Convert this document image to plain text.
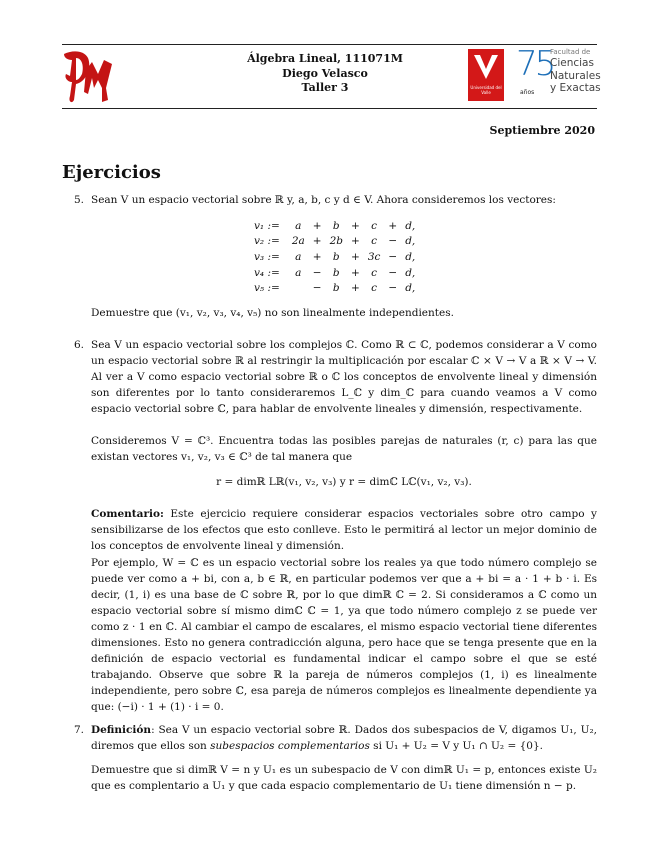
Álgebra Lineal, 111071M
Diego Velasco
Taller 3	Universidad del Valle
75
años
Facultad de
Ciencias
Naturales
y Exactas
Septiembre 2020
Ejercicios
5. Sean V un espacio vectorial sobre ℝ y, a, b, c y d ∈ V. Ahora consideremos los vectores:
v₁ :=	a	+	b	+	c	+	d,
v₂ :=	2a	+	2b	+	c	−	d,
v₃ :=	a	+	b	+	3c	−	d,
v₄ :=	a	−	b	+	c	−	d,
v₅ :=		−	b	+	c	−	d,
Demuestre que (v₁, v₂, v₃, v₄, v₅) no son linealmente independientes.
6. Sea V un espacio vectorial sobre los complejos ℂ. Como ℝ ⊂ ℂ, podemos considerar a V como un espacio vectorial sobre ℝ al restringir la multiplicación por escalar ℂ × V → V a ℝ × V → V. Al ver a V como espacio vectorial sobre ℝ o ℂ los conceptos de envolvente lineal y dimensión son diferentes por lo tanto consideraremos L_ℂ y dim_ℂ para cuando veamos a V como espacio vectorial sobre ℂ, para hablar de envolvente lineales y dimensión, respectivamente.
Consideremos V = ℂ³. Encuentra todas las posibles parejas de naturales (r, c) para las que existan vectores v₁, v₂, v₃ ∈ ℂ³ de tal manera que
r = dimℝ Lℝ(v₁, v₂, v₃) y r = dimℂ Lℂ(v₁, v₂, v₃).
Comentario: Este ejercicio requiere considerar espacios vectoriales sobre otro campo y sensibilizarse de los efectos que esto conlleve. Esto le permitirá al lector un mejor dominio de los conceptos de envolvente lineal y dimensión.
Por ejemplo, W = ℂ es un espacio vectorial sobre los reales ya que todo número complejo se puede ver como a + bi, con a, b ∈ ℝ, en particular podemos ver que a + bi = a · 1 + b · i. Es decir, (1, i) es una base de ℂ sobre ℝ, por lo que dimℝ ℂ = 2. Si consideramos a ℂ como un espacio vectorial sobre sí mismo dimℂ ℂ = 1, ya que todo número complejo z se puede ver como z · 1 en ℂ. Al cambiar el campo de escalares, el mismo espacio vectorial tiene diferentes dimensiones. Esto no genera contradicción alguna, pero hace que se tenga presente que en la definición de espacio vectorial es fundamental indicar el campo sobre el que se esté trabajando. Observe que sobre ℝ la pareja de números complejos (1, i) es linealmente independiente, pero sobre ℂ, esa pareja de números complejos es linealmente dependiente ya que: (−i) · 1 + (1) · i = 0.
7. Definición: Sea V un espacio vectorial sobre ℝ. Dados dos subespacios de V, digamos U₁, U₂, diremos que ellos son subespacios complementarios si U₁ + U₂ = V y U₁ ∩ U₂ = {0}.
Demuestre que si dimℝ V = n y U₁ es un subespacio de V con dimℝ U₁ = p, entonces existe U₂ que es complentario a U₁ y que cada espacio complementario de U₁ tiene dimensión n − p.
